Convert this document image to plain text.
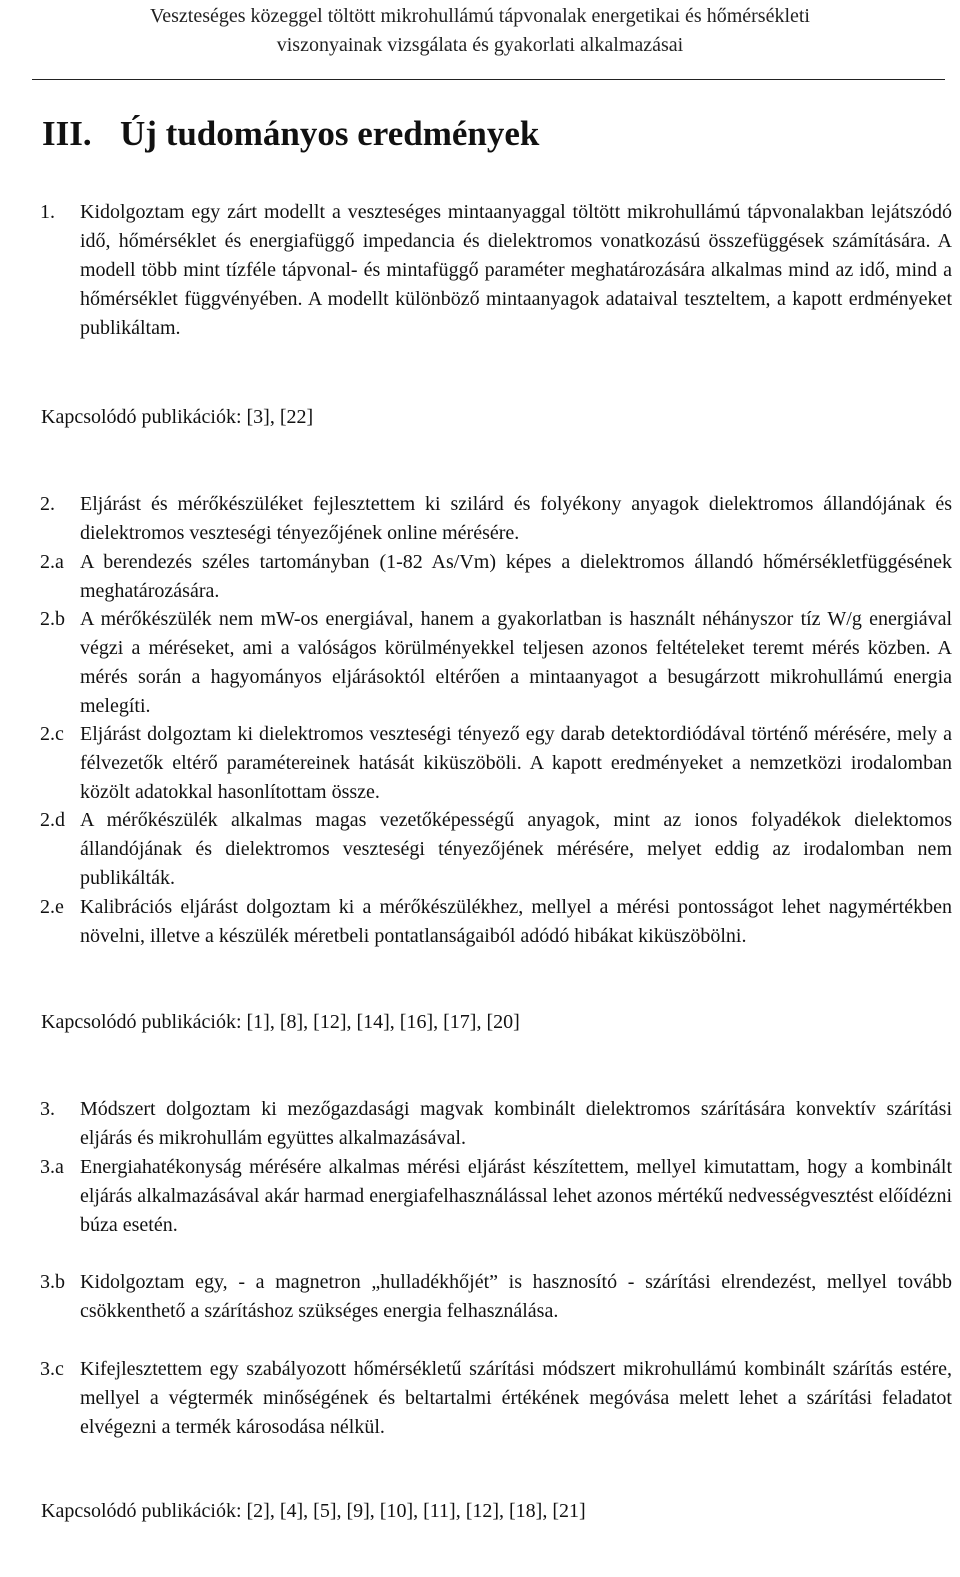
Veszteséges közeggel töltött mikrohullámú tápvonalak energetikai és hőmérsékleti
viszonyainak vizsgálata és gyakorlati alkalmazásai
III. Új tudományos eredmények
1. Kidolgoztam egy zárt modellt a veszteséges mintaanyaggal töltött mikrohullámú tápvonalakban lejátszódó idő, hőmérséklet és energiafüggő impedancia és dielektromos vonatkozású összefüggések számítására. A modell több mint tízféle tápvonal- és mintafüggő paraméter meghatározására alkalmas mind az idő, mind a hőmérséklet függvényében. A modellt különböző mintaanyagok adataival teszteltem, a kapott erdményeket publikáltam.
Kapcsolódó publikációk: [3], [22]
2. Eljárást és mérőkészüléket fejlesztettem ki szilárd és folyékony anyagok dielektromos állandójának és dielektromos veszteségi tényezőjének online mérésére.
2.a A berendezés széles tartományban (1-82 As/Vm) képes a dielektromos állandó hőmérsékletfüggésének meghatározására.
2.b A mérőkészülék nem mW-os energiával, hanem a gyakorlatban is használt néhányszor tíz W/g energiával végzi a méréseket, ami a valóságos körülményekkel teljesen azonos feltételeket teremt mérés közben. A mérés során a hagyományos eljárásoktól eltérően a mintaanyagot a besugárzott mikrohullámú energia melegíti.
2.c Eljárást dolgoztam ki dielektromos veszteségi tényező egy darab detektordiódával történő mérésére, mely a félvezetők eltérő paramétereinek hatását kiküszöböli. A kapott eredményeket a nemzetközi irodalomban közölt adatokkal hasonlítottam össze.
2.d A mérőkészülék alkalmas magas vezetőképességű anyagok, mint az ionos folyadékok dielektomos állandójának és dielektromos veszteségi tényezőjének mérésére, melyet eddig az irodalomban nem publikálták.
2.e Kalibrációs eljárást dolgoztam ki a mérőkészülékhez, mellyel a mérési pontosságot lehet nagymértékben növelni, illetve a készülék méretbeli pontatlanságaiból adódó hibákat kiküszöbölni.
Kapcsolódó publikációk: [1], [8], [12], [14], [16], [17], [20]
3. Módszert dolgoztam ki mezőgazdasági magvak kombinált dielektromos szárítására konvektív szárítási eljárás és mikrohullám együttes alkalmazásával.
3.a Energiahatékonyság mérésére alkalmas mérési eljárást készítettem, mellyel kimutattam, hogy a kombinált eljárás alkalmazásával akár harmad energiafelhasználással lehet azonos mértékű nedvességvesztést előídézni búza esetén.
3.b Kidolgoztam egy, - a magnetron „hulladékhőjét” is hasznosító - szárítási elrendezést, mellyel tovább csökkenthető a szárításhoz szükséges energia felhasználása.
3.c Kifejlesztettem egy szabályozott hőmérsékletű szárítási módszert mikrohullámú kombinált szárítás estére, mellyel a végtermék minőségének és beltartalmi értékének megóvása melett lehet a szárítási feladatot elvégezni a termék károsodása nélkül.
Kapcsolódó publikációk: [2], [4], [5], [9], [10], [11], [12], [18], [21]
